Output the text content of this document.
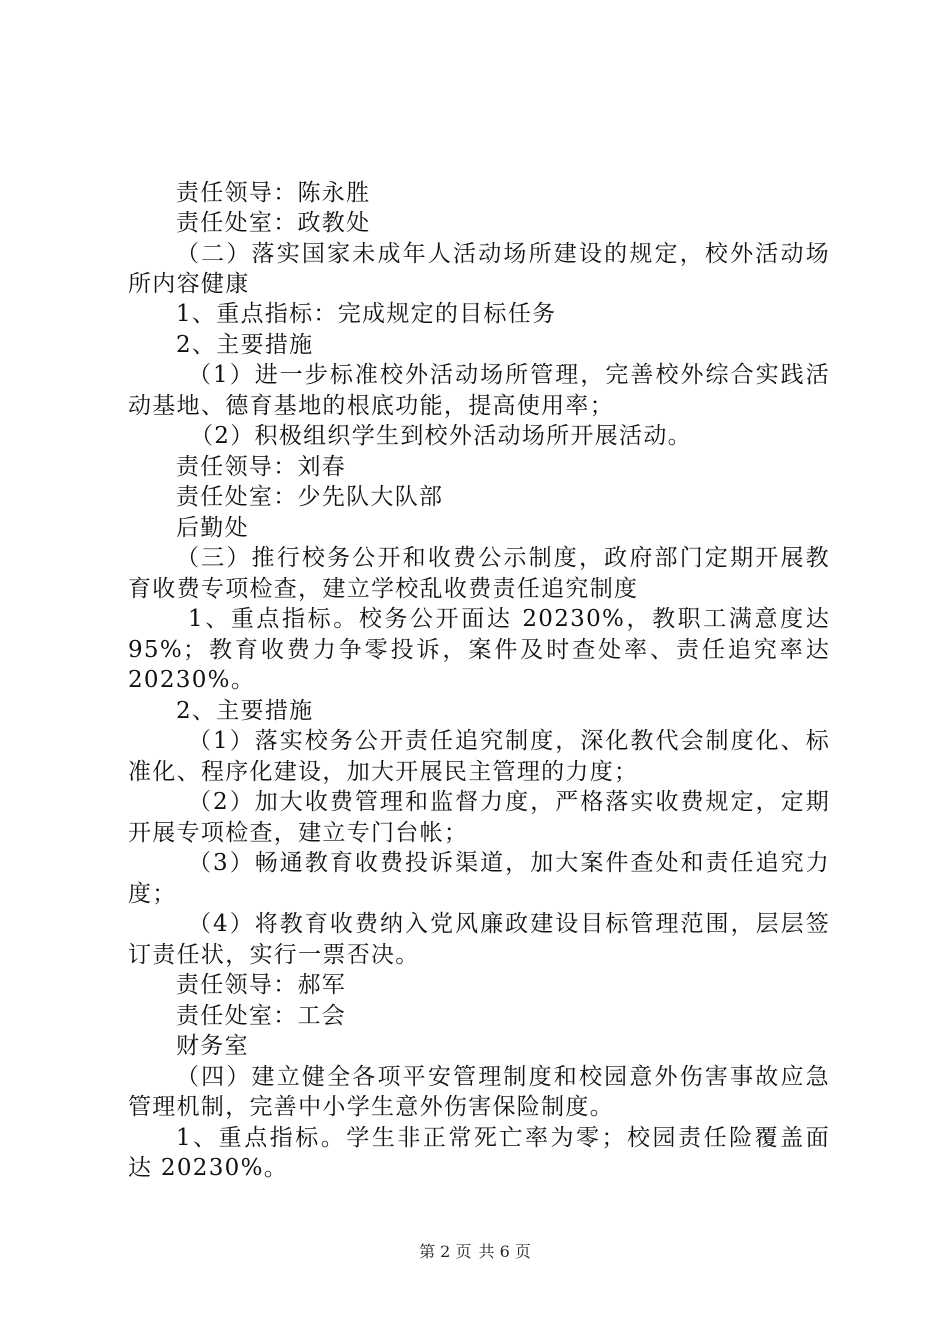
责任领导：陈永胜
责任处室：政教处
（二）落实国家未成年人活动场所建设的规定，校外活动场
所内容健康
1、重点指标：完成规定的目标任务
2、主要措施
（1）进一步标准校外活动场所管理，完善校外综合实践活
动基地、德育基地的根底功能，提高使用率；
（2）积极组织学生到校外活动场所开展活动。
责任领导：刘春
责任处室：少先队大队部
后勤处
（三）推行校务公开和收费公示制度，政府部门定期开展教
育收费专项检查，建立学校乱收费责任追究制度
1、重点指标。校务公开面达 20230%，教职工满意度达
95%；教育收费力争零投诉，案件及时查处率、责任追究率达
20230%。
2、主要措施
（1）落实校务公开责任追究制度，深化教代会制度化、标
准化、程序化建设，加大开展民主管理的力度；
（2）加大收费管理和监督力度，严格落实收费规定，定期
开展专项检查，建立专门台帐；
（3）畅通教育收费投诉渠道，加大案件查处和责任追究力
度；
（4）将教育收费纳入党风廉政建设目标管理范围，层层签
订责任状，实行一票否决。
责任领导：郝军
责任处室：工会
财务室
（四）建立健全各项平安管理制度和校园意外伤害事故应急
管理机制，完善中小学生意外伤害保险制度。
1、重点指标。学生非正常死亡率为零；校园责任险覆盖面
达 20230%。
第 2 页 共 6 页
